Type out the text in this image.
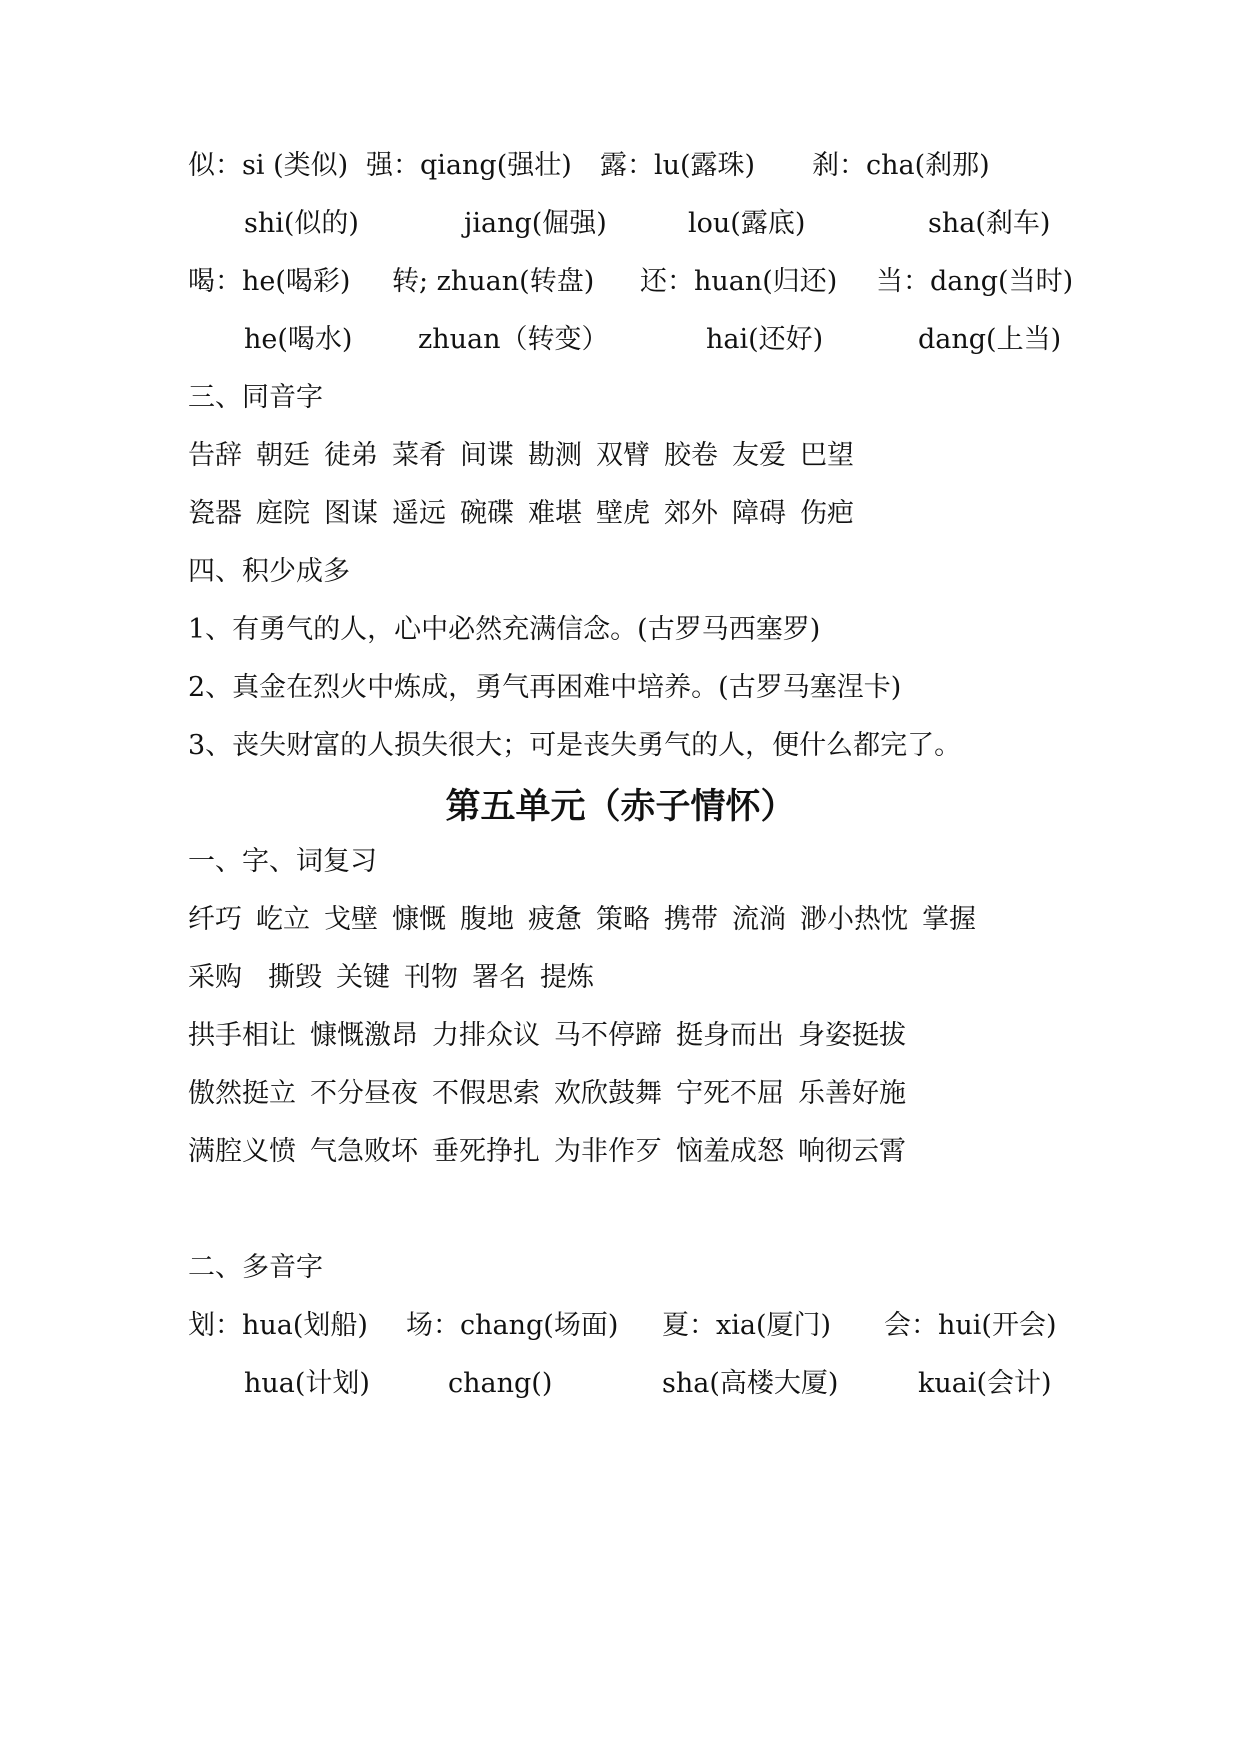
似：si (类似) 强：qiang(强壮) 露：lu(露珠) 刹：cha(刹那)
shi(似的)	jiang(倔强)	lou(露底)	sha(刹车)
喝：he(喝彩) 转; zhuan(转盘) 还：huan(归还) 当：dang(当时)
he(喝水) zhuan（转变）	hai(还好)	dang(上当)
三、同音字
告辞 朝廷 徒弟 菜肴 间谍 勘测 双臂 胶卷 友爱 巴望
瓷器 庭院 图谋 遥远 碗碟 难堪 壁虎 郊外 障碍 伤疤
四、积少成多
1、有勇气的人，心中必然充满信念。(古罗马西塞罗)
2、真金在烈火中炼成，勇气再困难中培养。(古罗马塞涅卡)
3、丧失财富的人损失很大；可是丧失勇气的人，便什么都完了。
第五单元（赤子情怀）
一、字、词复习
纤巧 屹立 戈壁 慷慨 腹地 疲惫 策略 携带 流淌 渺小热忱 掌握
采购 撕毁 关键 刊物 署名 提炼
拱手相让 慷慨激昂 力排众议 马不停蹄 挺身而出 身姿挺拔
傲然挺立 不分昼夜 不假思索 欢欣鼓舞 宁死不屈 乐善好施
满腔义愤 气急败坏 垂死挣扎 为非作歹 恼羞成怒 响彻云霄
二、多音字
划：hua(划船) 场：chang(场面) 夏：xia(厦门) 会：hui(开会)
hua(计划)	chang()	sha(高楼大厦)	kuai(会计)
